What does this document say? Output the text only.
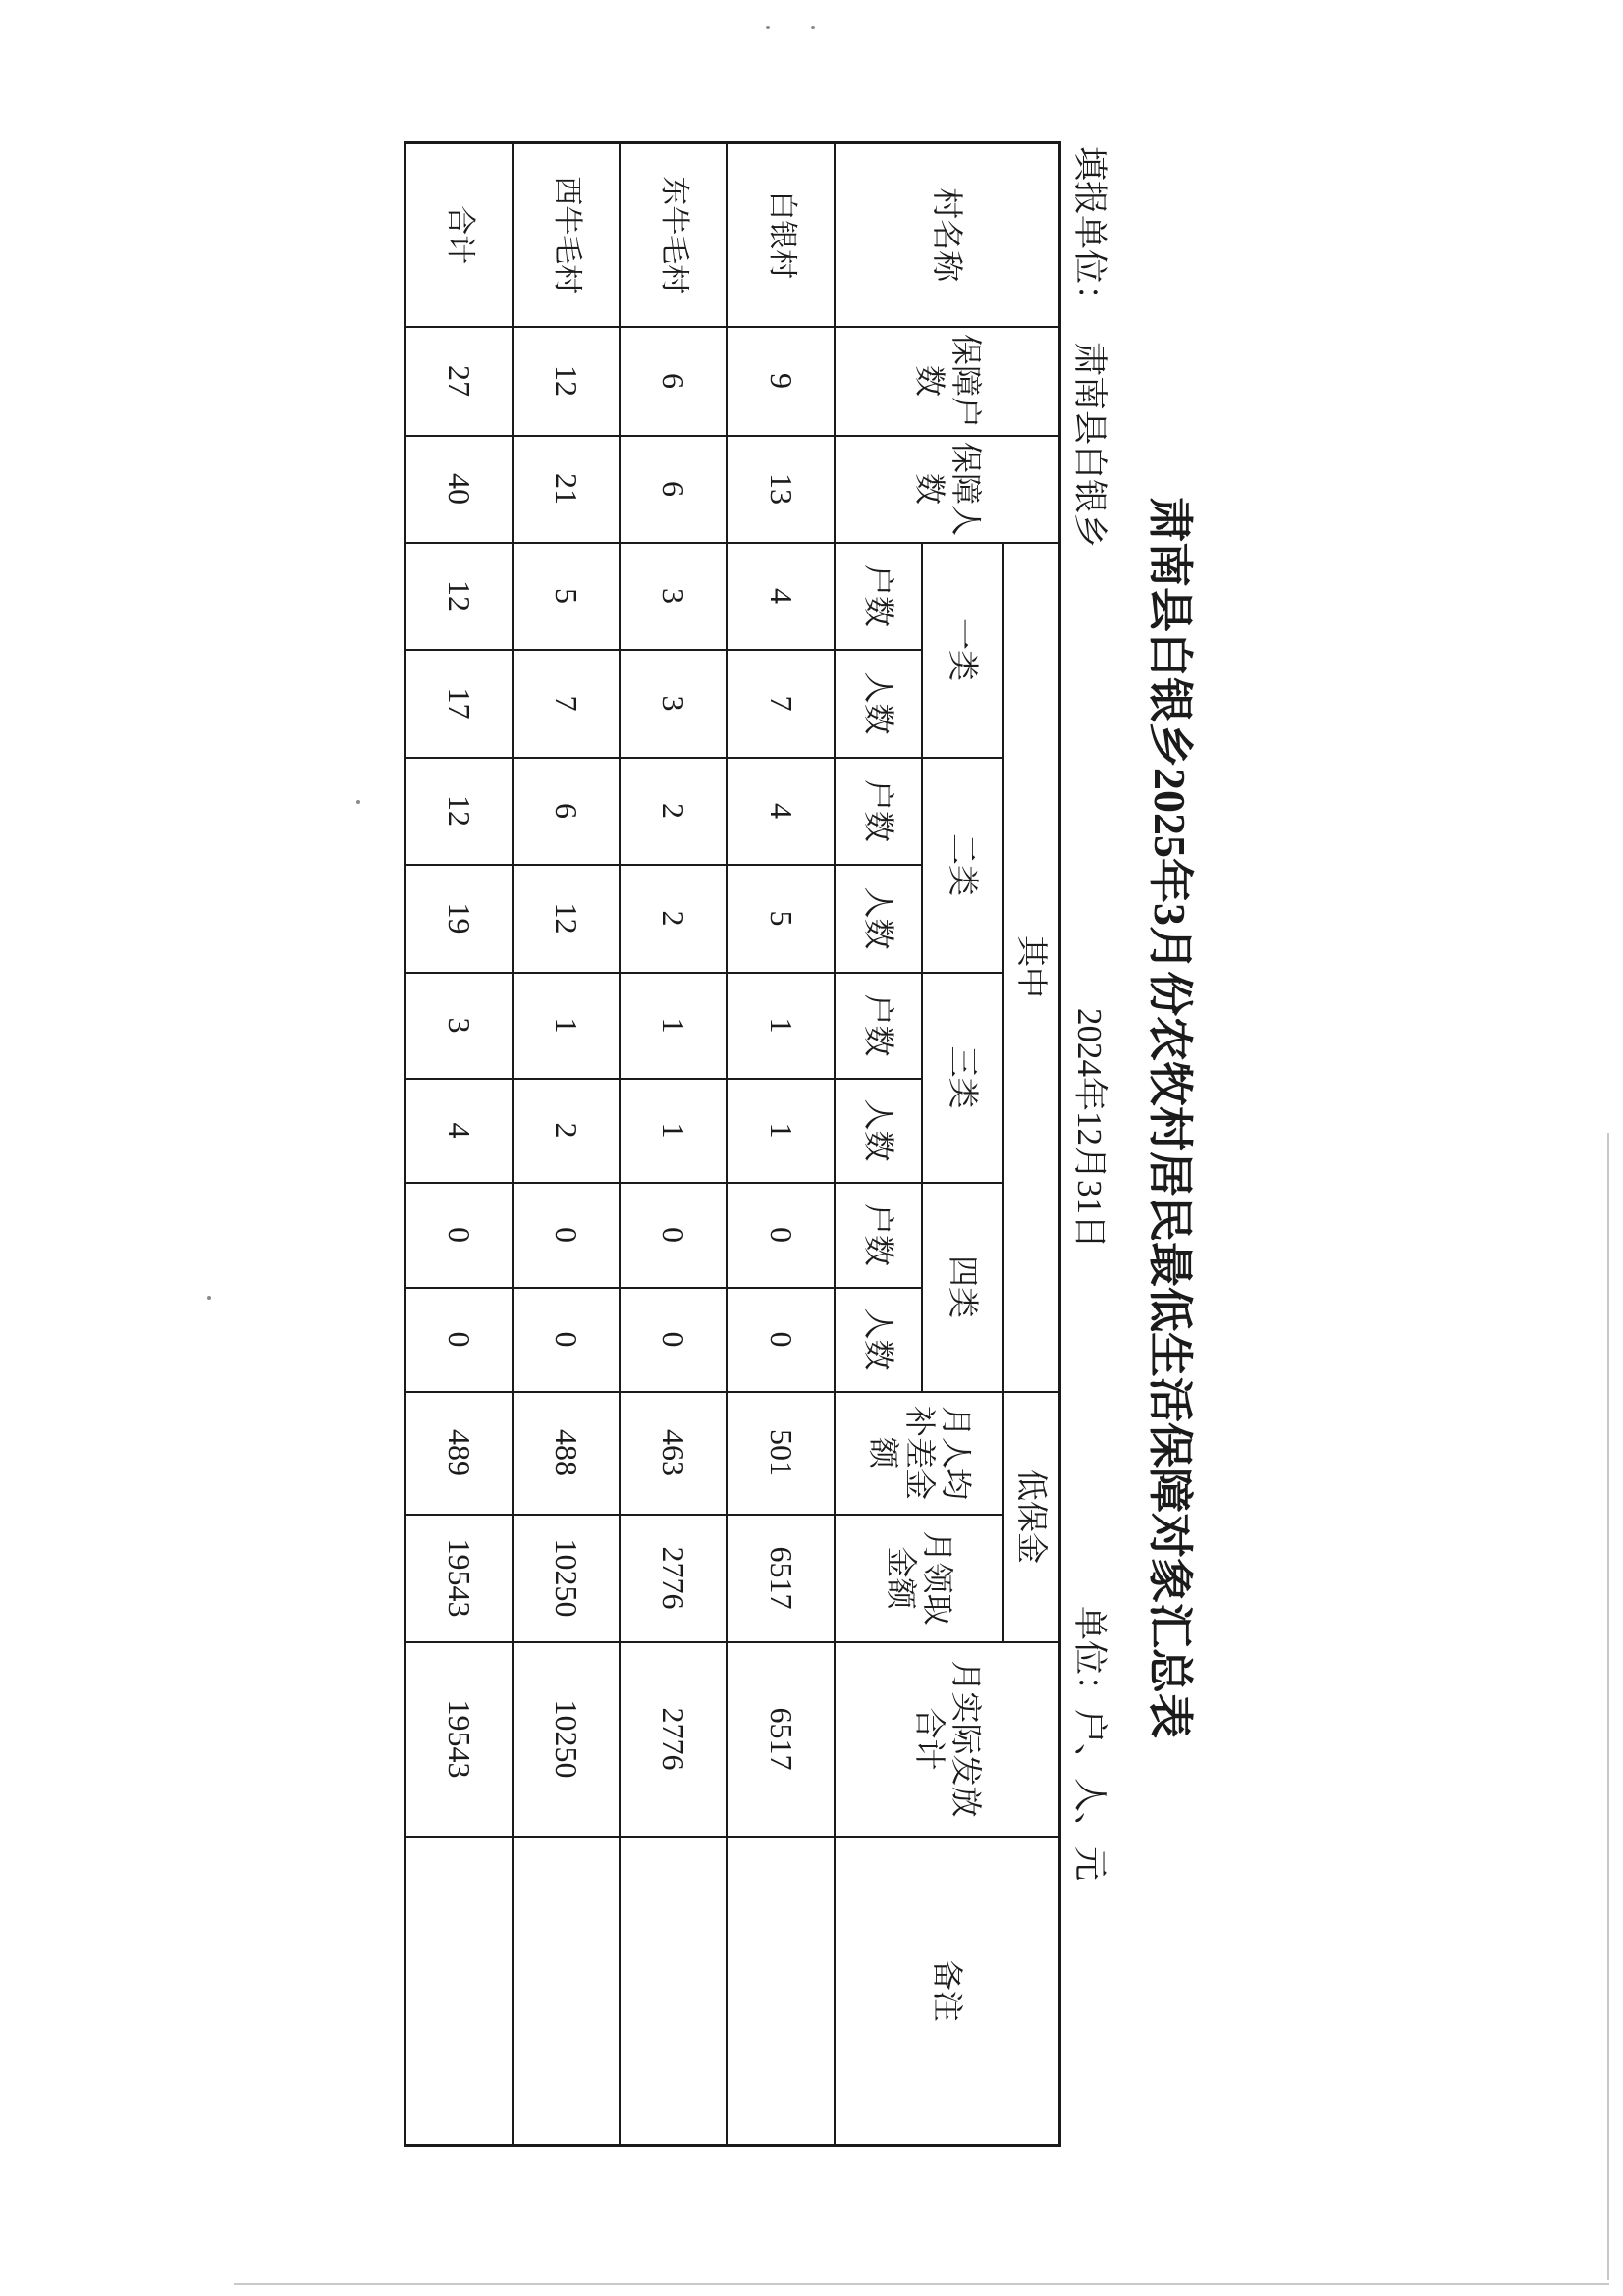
肃南县白银乡2025年3月份农牧村居民最低生活保障对象汇总表
填报单位：肃南县白银乡
2024年12月31日
单位：户、人、元
村名称	保障户数	保障人数	其中								低保金		月实际发放合计	备注
			一类		二类		三类		四类		月人均补差金额	月领取金额		
			户数	人数	户数	人数	户数	人数	户数	人数				
白银村	9	13	4	7	4	5	1	1	0	0	501	6517	6517	
东牛毛村	6	6	3	3	2	2	1	1	0	0	463	2776	2776	
西牛毛村	12	21	5	7	6	12	1	2	0	0	488	10250	10250	
合计	27	40	12	17	12	19	3	4	0	0	489	19543	19543	
